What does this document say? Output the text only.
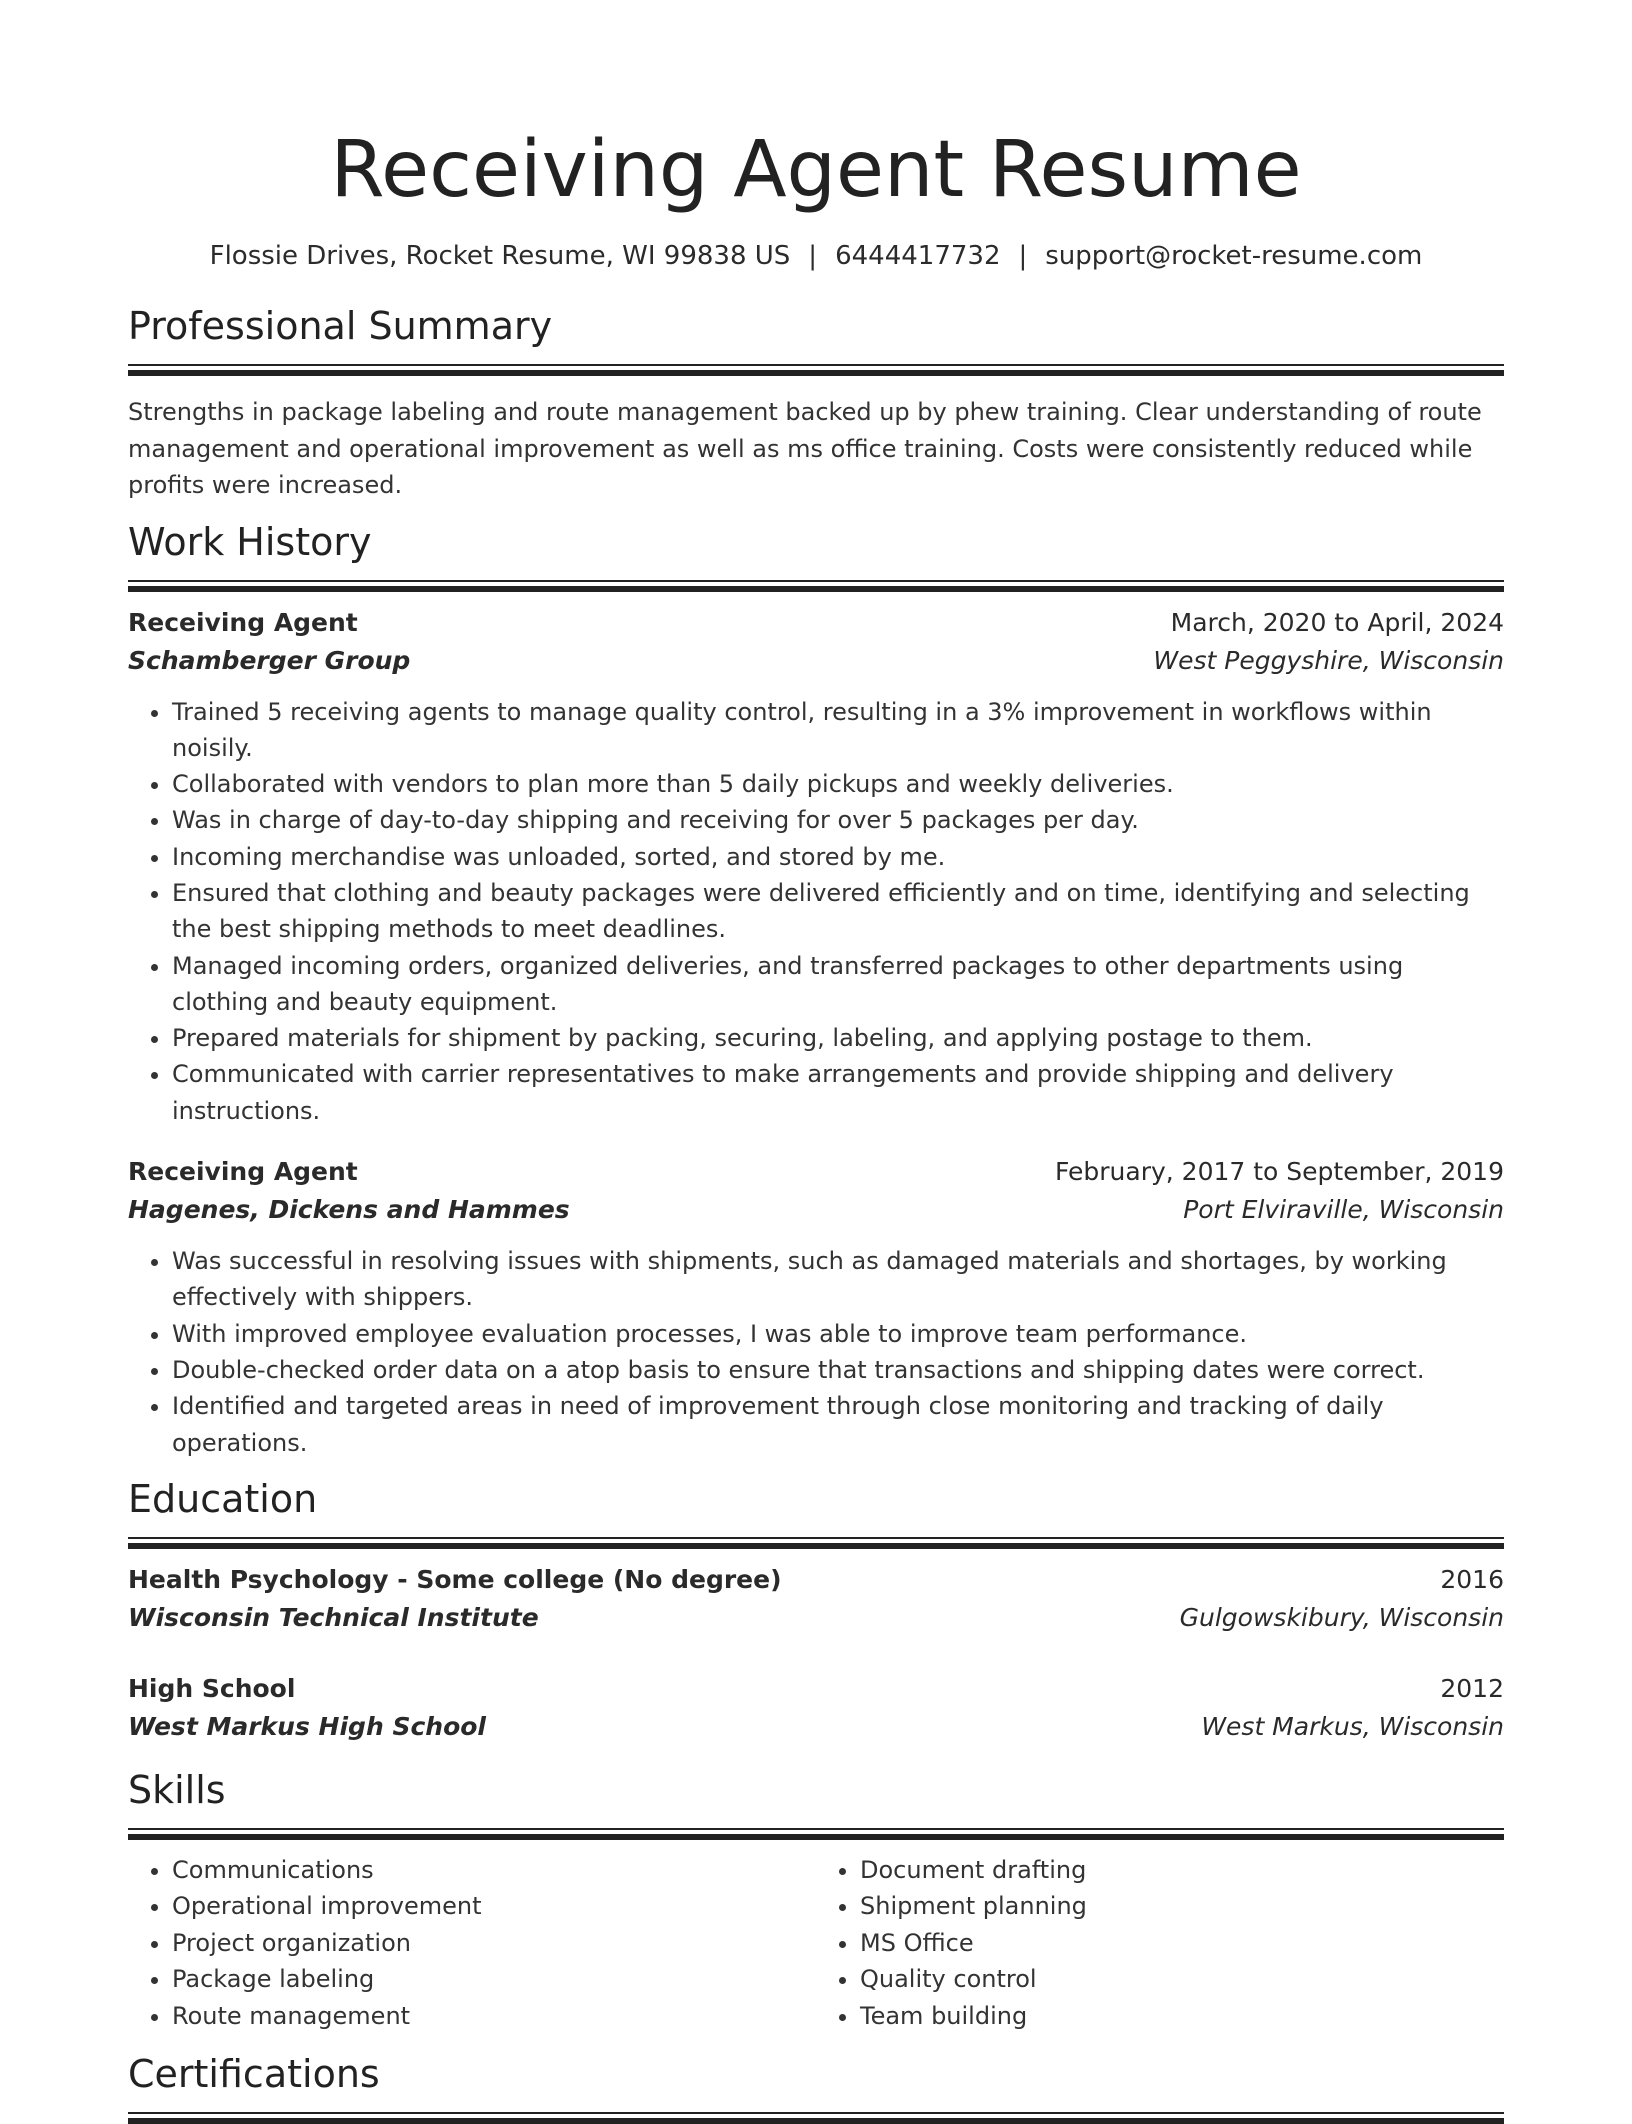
Receiving Agent Resume
Flossie Drives, Rocket Resume, WI 99838 US | 6444417732 | support@rocket-resume.com
Professional Summary
Strengths in package labeling and route management backed up by phew training. Clear understanding of route management and operational improvement as well as ms office training. Costs were consistently reduced while profits were increased.
Work History
Receiving Agent	March, 2020 to April, 2024
Schamberger Group	West Peggyshire, Wisconsin
• Trained 5 receiving agents to manage quality control, resulting in a 3% improvement in workflows within noisily.
• Collaborated with vendors to plan more than 5 daily pickups and weekly deliveries.
• Was in charge of day-to-day shipping and receiving for over 5 packages per day.
• Incoming merchandise was unloaded, sorted, and stored by me.
• Ensured that clothing and beauty packages were delivered efficiently and on time, identifying and selecting the best shipping methods to meet deadlines.
• Managed incoming orders, organized deliveries, and transferred packages to other departments using clothing and beauty equipment.
• Prepared materials for shipment by packing, securing, labeling, and applying postage to them.
• Communicated with carrier representatives to make arrangements and provide shipping and delivery instructions.
Receiving Agent	February, 2017 to September, 2019
Hagenes, Dickens and Hammes	Port Elviraville, Wisconsin
• Was successful in resolving issues with shipments, such as damaged materials and shortages, by working effectively with shippers.
• With improved employee evaluation processes, I was able to improve team performance.
• Double-checked order data on a atop basis to ensure that transactions and shipping dates were correct.
• Identified and targeted areas in need of improvement through close monitoring and tracking of daily operations.
Education
Health Psychology - Some college (No degree)	2016
Wisconsin Technical Institute	Gulgowskibury, Wisconsin
High School	2012
West Markus High School	West Markus, Wisconsin
Skills
• Communications
• Operational improvement
• Project organization
• Package labeling
• Route management
• Document drafting
• Shipment planning
• MS Office
• Quality control
• Team building
Certifications
